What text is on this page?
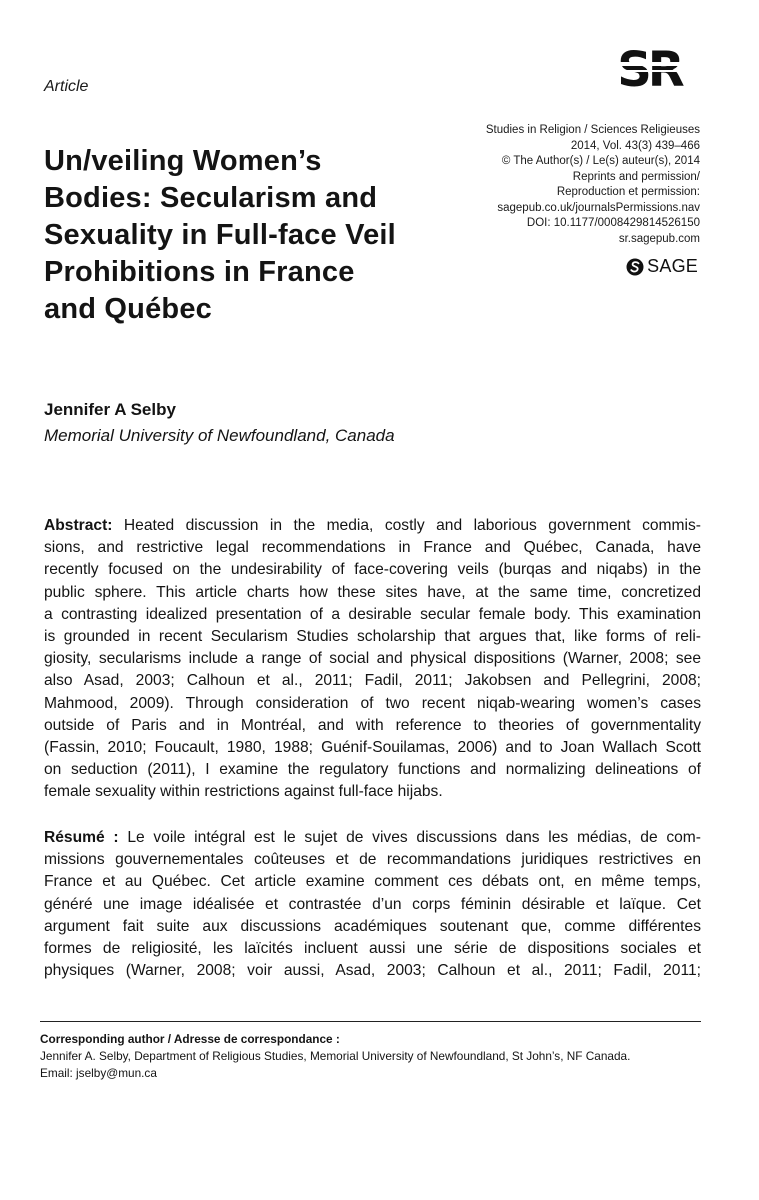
Article
Un/veiling Women’s
Bodies: Secularism and
Sexuality in Full-face Veil
Prohibitions in France
and Québec
Studies in Religion / Sciences Religieuses
2014, Vol. 43(3) 439–466
© The Author(s) / Le(s) auteur(s), 2014
Reprints and permission/
Reproduction et permission:
sagepub.co.uk/journalsPermissions.nav
DOI: 10.1177/0008429814526150
sr.sagepub.com
SAGE
Jennifer A Selby
Memorial University of Newfoundland, Canada
Abstract: Heated discussion in the media, costly and laborious government commis-
sions, and restrictive legal recommendations in France and Québec, Canada, have
recently focused on the undesirability of face-covering veils (burqas and niqabs) in the
public sphere. This article charts how these sites have, at the same time, concretized
a contrasting idealized presentation of a desirable secular female body. This examination
is grounded in recent Secularism Studies scholarship that argues that, like forms of reli-
giosity, secularisms include a range of social and physical dispositions (Warner, 2008; see
also Asad, 2003; Calhoun et al., 2011; Fadil, 2011; Jakobsen and Pellegrini, 2008;
Mahmood, 2009). Through consideration of two recent niqab-wearing women’s cases
outside of Paris and in Montréal, and with reference to theories of governmentality
(Fassin, 2010; Foucault, 1980, 1988; Guénif-Souilamas, 2006) and to Joan Wallach Scott
on seduction (2011), I examine the regulatory functions and normalizing delineations of
female sexuality within restrictions against full-face hijabs.
Résumé : Le voile intégral est le sujet de vives discussions dans les médias, de com-
missions gouvernementales coûteuses et de recommandations juridiques restrictives en
France et au Québec. Cet article examine comment ces débats ont, en même temps,
généré une image idéalisée et contrastée d’un corps féminin désirable et laïque. Cet
argument fait suite aux discussions académiques soutenant que, comme différentes
formes de religiosité, les laïcités incluent aussi une série de dispositions sociales et
physiques (Warner, 2008; voir aussi, Asad, 2003; Calhoun et al., 2011; Fadil, 2011;
Corresponding author / Adresse de correspondance :
Jennifer A. Selby, Department of Religious Studies, Memorial University of Newfoundland, St John’s, NF Canada.
Email: jselby@mun.ca
